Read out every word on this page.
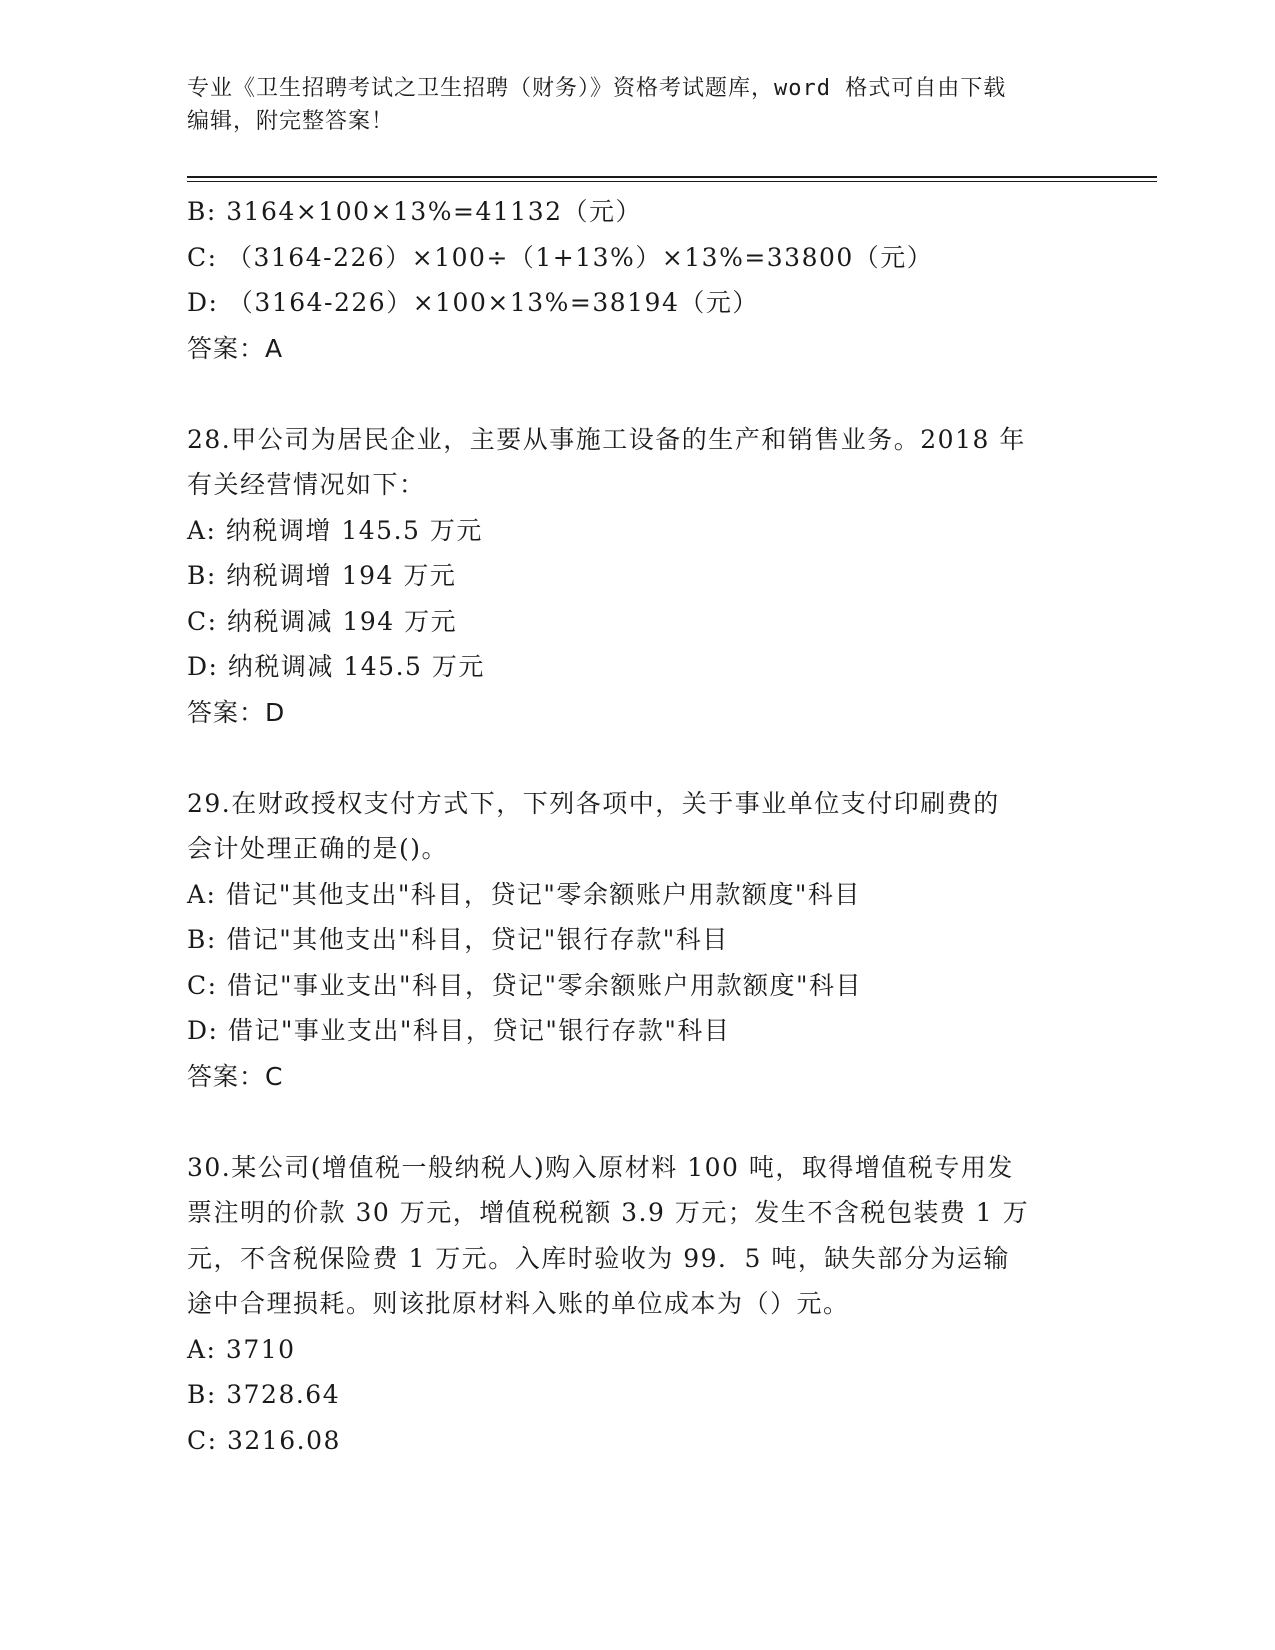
专业《卫生招聘考试之卫生招聘（财务）》资格考试题库，word 格式可自由下载
编辑，附完整答案！
B: 3164×100×13%=41132（元）
C: （3164-226）×100÷（1+13%）×13%=33800（元）
D: （3164-226）×100×13%=38194（元）
答案：A
28.甲公司为居民企业，主要从事施工设备的生产和销售业务。2018 年
有关经营情况如下：
A: 纳税调增 145.5 万元
B: 纳税调增 194 万元
C: 纳税调减 194 万元
D: 纳税调减 145.5 万元
答案：D
29.在财政授权支付方式下，下列各项中，关于事业单位支付印刷费的
会计处理正确的是()。
A: 借记"其他支出"科目，贷记"零余额账户用款额度"科目
B: 借记"其他支出"科目，贷记"银行存款"科目
C: 借记"事业支出"科目，贷记"零余额账户用款额度"科目
D: 借记"事业支出"科目，贷记"银行存款"科目
答案：C
30.某公司(增值税一般纳税人)购入原材料 100 吨，取得增值税专用发
票注明的价款 30 万元，增值税税额 3.9 万元；发生不含税包装费 1 万
元，不含税保险费 1 万元。入库时验收为 99．5 吨，缺失部分为运输
途中合理损耗。则该批原材料入账的单位成本为（）元。
A: 3710
B: 3728.64
C: 3216.08
